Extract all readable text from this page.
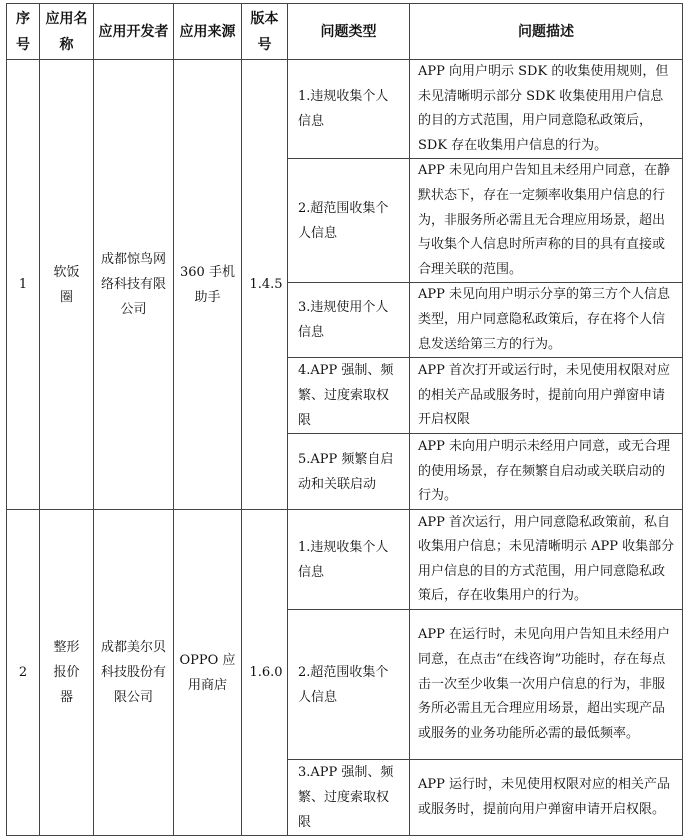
序号	应用名称	应用开发者	应用来源	版本号	问题类型	问题描述
1	软饭圈	成都惊鸟网络科技有限公司	360 手机助手	1.4.5	1.违规收集个人信息	APP 向用户明示 SDK 的收集使用规则，但未见清晰明示部分 SDK 收集使用用户信息的目的方式范围，用户同意隐私政策后，SDK 存在收集用户信息的行为。
					2.超范围收集个人信息	APP 未见向用户告知且未经用户同意，在静默状态下，存在一定频率收集用户信息的行为，非服务所必需且无合理应用场景，超出与收集个人信息时所声称的目的具有直接或合理关联的范围。
					3.违规使用个人信息	APP 未见向用户明示分享的第三方个人信息类型，用户同意隐私政策后，存在将个人信息发送给第三方的行为。
					4.APP 强制、频繁、过度索取权限	APP 首次打开或运行时，未见使用权限对应的相关产品或服务时，提前向用户弹窗申请开启权限
					5.APP 频繁自启动和关联启动	APP 未向用户明示未经用户同意，或无合理的使用场景，存在频繁自启动或关联启动的行为。
2	整形报价器	成都美尔贝科技股份有限公司	OPPO 应用商店	1.6.0	1.违规收集个人信息	APP 首次运行，用户同意隐私政策前，私自收集用户信息；未见清晰明示 APP 收集部分用户信息的目的方式范围，用户同意隐私政策后，存在收集用户的行为。
					2.超范围收集个人信息	APP 在运行时，未见向用户告知且未经用户同意，在点击“在线咨询”功能时，存在每点击一次至少收集一次用户信息的行为，非服务所必需且无合理应用场景，超出实现产品或服务的业务功能所必需的最低频率。
					3.APP 强制、频繁、过度索取权限	APP 运行时，未见使用权限对应的相关产品或服务时，提前向用户弹窗申请开启权限。
